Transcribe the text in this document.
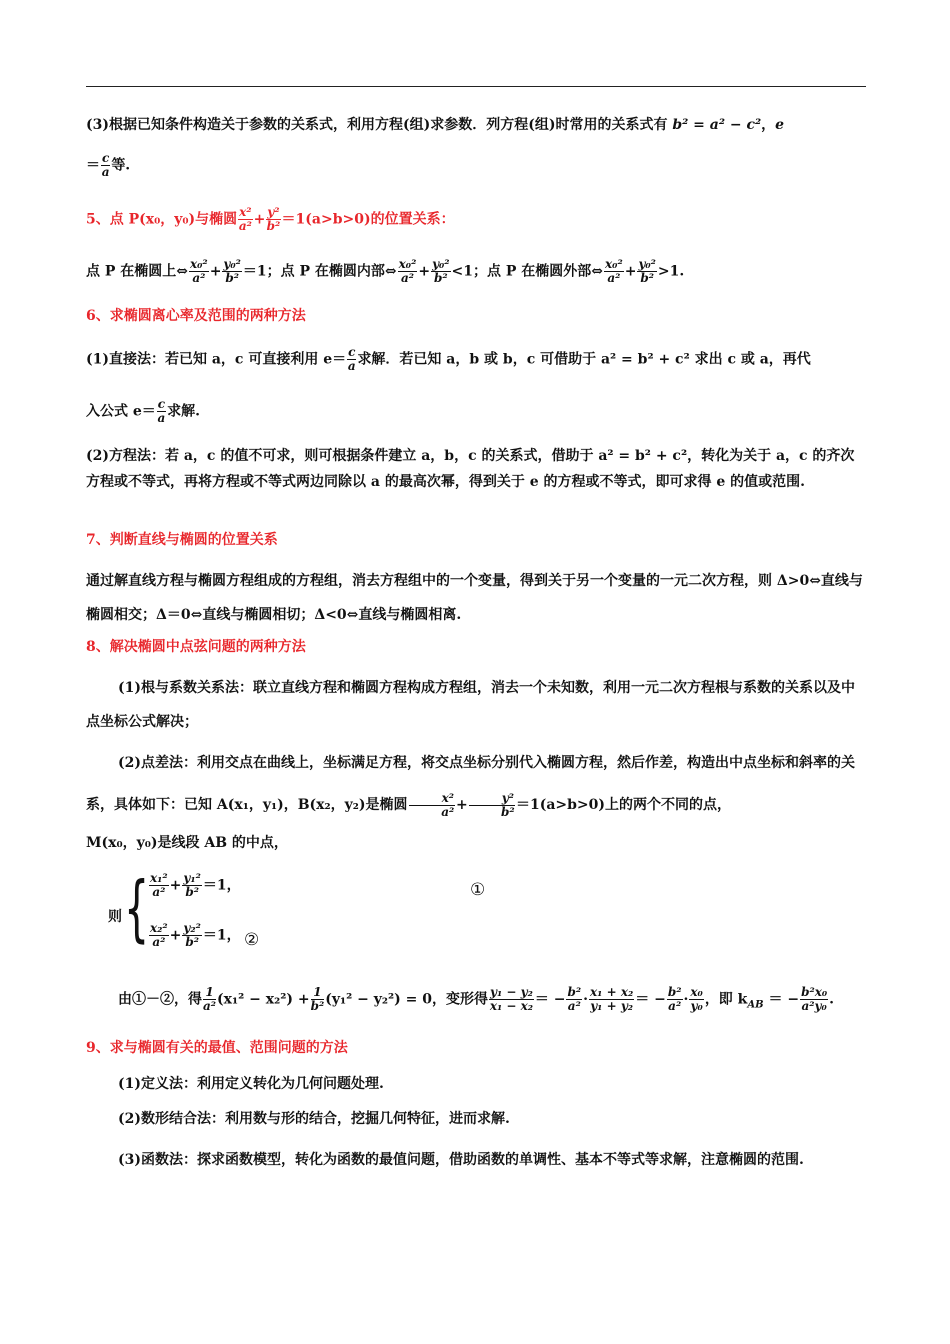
(3)根据已知条件构造关于参数的关系式，利用方程(组)求参数．列方程(组)时常用的关系式有 b² = a² − c²，e
＝ $\frac{c}{a}$ 等.
5、点 P(x₀，y₀)与椭圆 $\frac{\text{x²}}{\text{a²}} + \frac{\text{y²}}{\text{b²}} =1(a>b>0)$的位置关系：
点 P 在椭圆上⇔ $\frac{\text{x₀²}}{\text{a²}} + \frac{\text{y₀²}}{\text{b²}} =1$；点 P 在椭圆内部⇔ $\frac{\text{x₀²}}{\text{a²}} + \frac{\text{y₀²}}{\text{b²}} <1$；点 P 在椭圆外部⇔ $\frac{\text{x₀²}}{\text{a²}} + \frac{\text{y₀²}}{\text{b²}} >1$.
6、求椭圆离心率及范围的两种方法
(1)直接法：若已知 a，c 可直接利用 $e= \frac{c}{a}$ 求解．若已知 a，b 或 b，c 可借助于 a² = b² + c² 求出 c 或 a，再代
入公式 $e= \frac{c}{a}$ 求解.
(2)方程法：若 a，c 的值不可求，则可根据条件建立 a，b，c 的关系式，借助于 a² = b² + c²，转化为关于 a，c 的齐次方程或不等式，再将方程或不等式两边同除以 a 的最高次幂，得到关于 e 的方程或不等式，即可求得 e 的值或范围.
7、判断直线与椭圆的位置关系
通过解直线方程与椭圆方程组成的方程组，消去方程组中的一个变量，得到关于另一个变量的一元二次方程，则 Δ>0⇔直线与椭圆相交；Δ＝0⇔直线与椭圆相切；Δ<0⇔直线与椭圆相离.
8、解决椭圆中点弦问题的两种方法
(1)根与系数关系法：联立直线方程和椭圆方程构成方程组，消去一个未知数，利用一元二次方程根与系数的关系以及中点坐标公式解决；
(2)点差法：利用交点在曲线上，坐标满足方程，将交点坐标分别代入椭圆方程，然后作差，构造出中点坐标和斜率的关系，具体如下：已知 A(x₁，y₁)，B(x₂，y₂)是椭圆 $\frac{\text{x²}}{\text{a²}} + \frac{\text{y²}}{\text{b²}} =1(a>b>0)$上的两个不同的点，
M(x₀，y₀)是线段 AB 的中点，
则 { $\frac{\text{x₁²}}{\text{a²}} + \frac{\text{y₁²}}{\text{b²}} =1$，	①
$\frac{\text{x₂²}}{\text{a²}} + \frac{\text{y₂²}}{\text{b²}} =1$， ②
由①－②，得 $\frac{1}{\text{a²}} (x_1^2 - x_2^2) + \frac{1}{\text{b²}} (y_1^2 - y_2^2) = 0$，变形得 $\frac{\text{y₁ − y₂}}{\text{x₁ − x₂}}$ ＝ − $\frac{\text{b²}}{\text{a²}} \cdot \frac{\text{x₁ + x₂}}{\text{y₁ + y₂}}$ ＝ − $\frac{\text{b²}}{\text{a²}} \cdot \frac{\text{x₀}}{\text{y₀}}$ ，即 $k_{AB}$ ＝ − $\frac{\text{b²x₀}}{\text{a²y₀}}$ .
9、求与椭圆有关的最值、范围问题的方法
(1)定义法：利用定义转化为几何问题处理.
(2)数形结合法：利用数与形的结合，挖掘几何特征，进而求解.
(3)函数法：探求函数模型，转化为函数的最值问题，借助函数的单调性、基本不等式等求解，注意椭圆的范围.
